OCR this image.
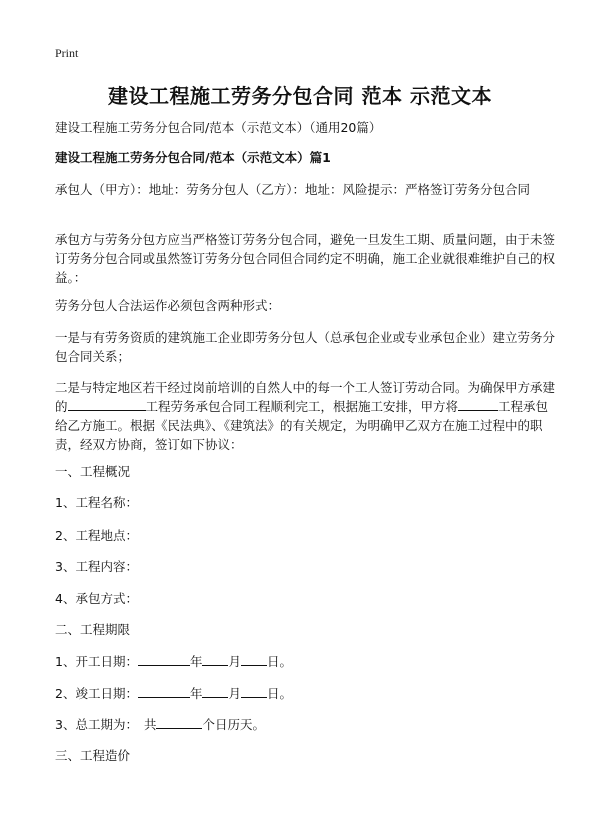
Print
建设工程施工劳务分包合同 范本 示范文本

建设工程施工劳务分包合同/范本（示范文本）（通用20篇）

建设工程施工劳务分包合同/范本（示范文本）篇1

承包人（甲方）：地址：劳务分包人（乙方）：地址：风险提示：严格签订劳务分包合同

承包方与劳务分包方应当严格签订劳务分包合同，避免一旦发生工期、质量问题，由于未签订劳务分包合同或虽然签订劳务分包合同但合同约定不明确，施工企业就很难维护自己的权益。：

劳务分包人合法运作必须包含两种形式：

一是与有劳务资质的建筑施工企业即劳务分包人（总承包企业或专业承包企业）建立劳务分包合同关系；

二是与特定地区若干经过岗前培训的自然人中的每一个工人签订劳动合同。为确保甲方承建的	工程劳务承包合同工程顺利完工，根据施工安排，甲方将	工程承包给乙方施工。根据《民法典》、《建筑法》的有关规定，为明确甲乙双方在施工过程中的职责，经双方协商，签订如下协议：

一、工程概况

1、工程名称：

2、工程地点：

3、工程内容：

4、承包方式：

二、工程期限

1、开工日期：	年 月 日。

2、竣工日期：	年 月 日。

3、总工期为： 共	个日历天。

三、工程造价
